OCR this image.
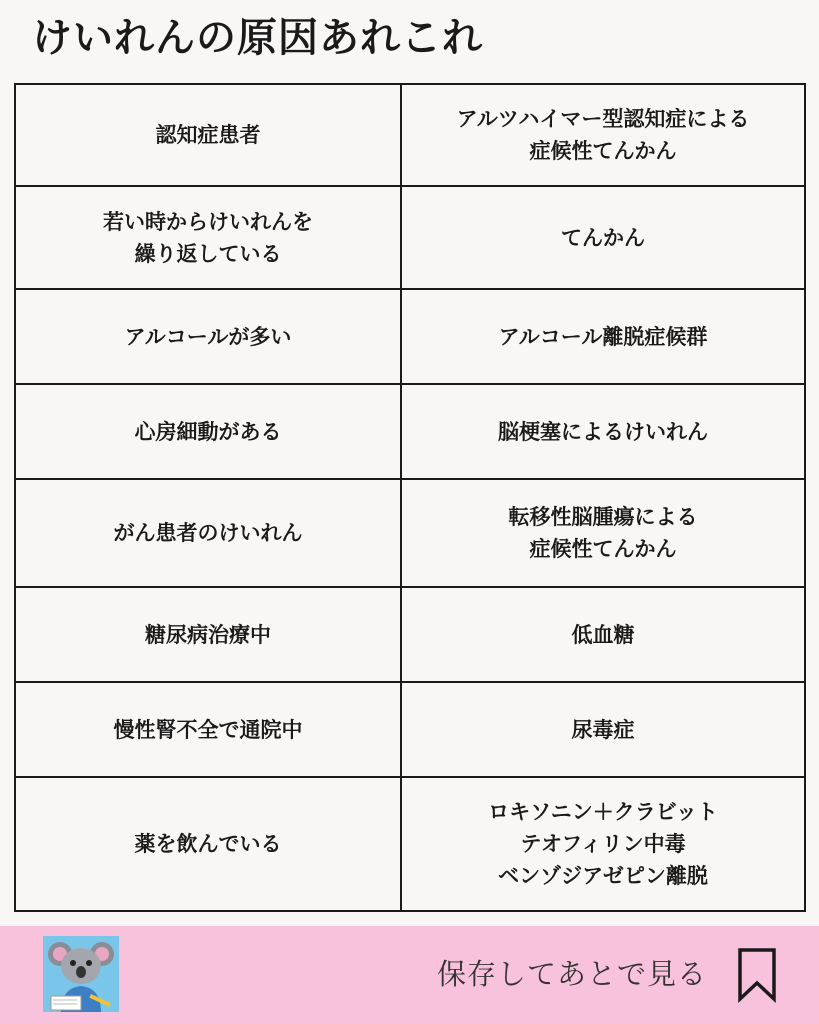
けいれんの原因あれこれ
認知症患者	アルツハイマー型認知症による
症候性てんかん
若い時からけいれんを
繰り返している	てんかん
アルコールが多い	アルコール離脱症候群
心房細動がある	脳梗塞によるけいれん
がん患者のけいれん	転移性脳腫瘍による
症候性てんかん
糖尿病治療中	低血糖
慢性腎不全で通院中	尿毒症
薬を飲んでいる	ロキソニン＋クラビット
テオフィリン中毒
ベンゾジアゼピン離脱
保存してあとで見る
